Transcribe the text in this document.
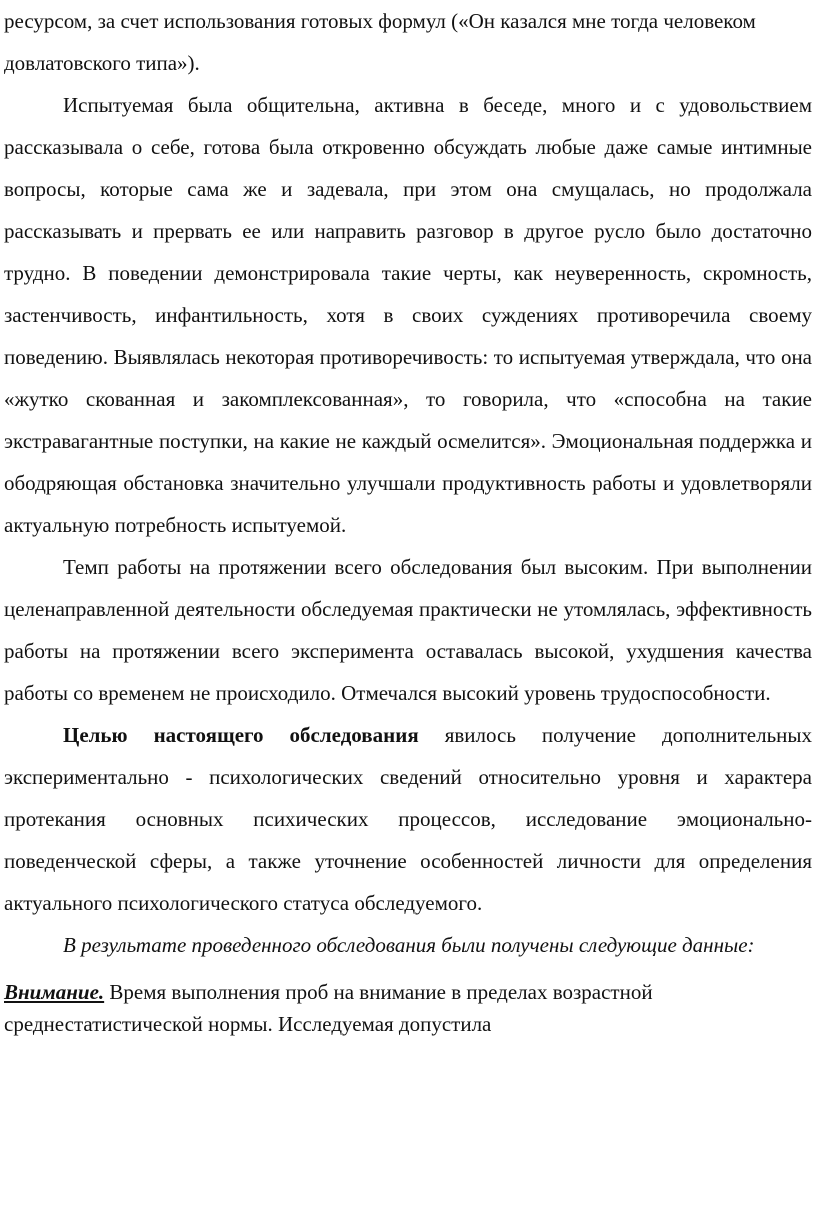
ресурсом, за счет использования готовых формул («Он казался мне тогда человеком довлатовского типа»).

Испытуемая была общительна, активна в беседе, много и с удовольствием рассказывала о себе, готова была откровенно обсуждать любые даже самые интимные вопросы, которые сама же и задевала, при этом она смущалась, но продолжала рассказывать и прервать ее или направить разговор в другое русло было достаточно трудно. В поведении демонстрировала такие черты, как неуверенность, скромность, застенчивость, инфантильность, хотя в своих суждениях противоречила своему поведению. Выявлялась некоторая противоречивость: то испытуемая утверждала, что она «жутко скованная и закомплексованная», то говорила, что «способна на такие экстравагантные поступки, на какие не каждый осмелится». Эмоциональная поддержка и ободряющая обстановка значительно улучшали продуктивность работы и удовлетворяли актуальную потребность испытуемой.

Темп работы на протяжении всего обследования был высоким. При выполнении целенаправленной деятельности обследуемая практически не утомлялась, эффективность работы на протяжении всего эксперимента оставалась высокой, ухудшения качества работы со временем не происходило. Отмечался высокий уровень трудоспособности.

Целью настоящего обследования явилось получение дополнительных экспериментально - психологических сведений относительно уровня и характера протекания основных психических процессов, исследование эмоционально-поведенческой сферы, а также уточнение особенностей личности для определения актуального психологического статуса обследуемого.

В результате проведенного обследования были получены следующие данные:

Внимание. Время выполнения проб на внимание в пределах возрастной среднестатистической нормы. Исследуемая допустила
